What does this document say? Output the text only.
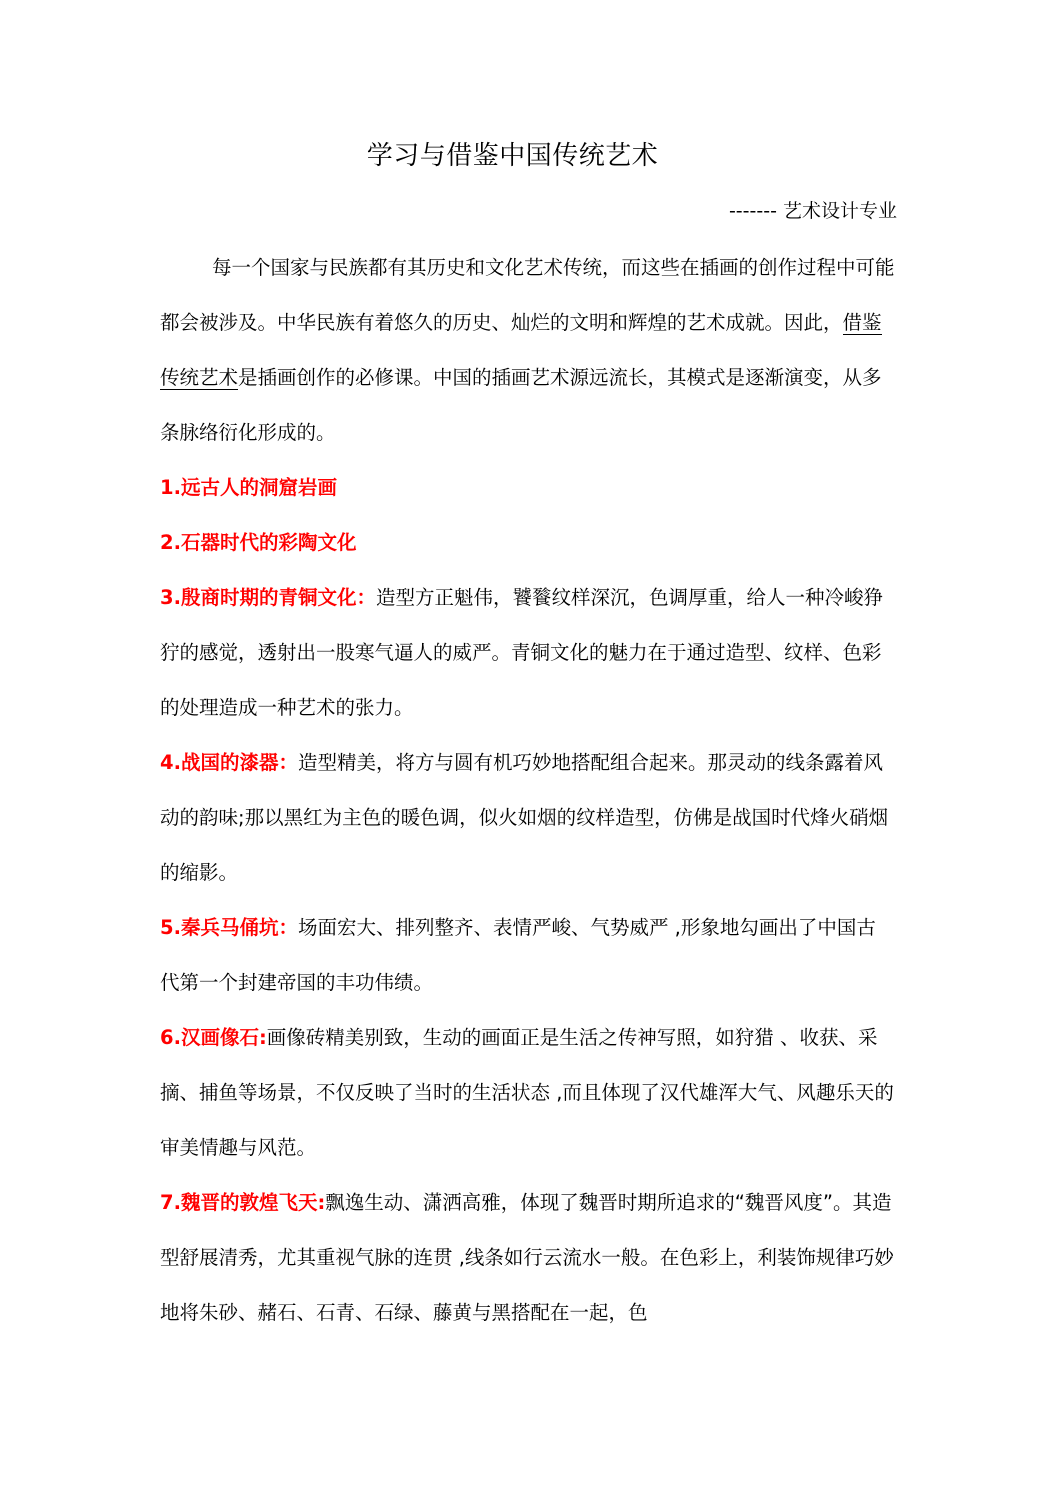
学习与借鉴中国传统艺术
------- 艺术设计专业

每一个国家与民族都有其历史和文化艺术传统，而这些在插画的创作过程中可能都会被涉及。中华民族有着悠久的历史、灿烂的文明和辉煌的艺术成就。因此，借鉴传统艺术是插画创作的必修课。中国的插画艺术源远流长，其模式是逐渐演变，从多条脉络衍化形成的。

1.远古人的洞窟岩画

2.石器时代的彩陶文化

3.殷商时期的青铜文化：造型方正魁伟，饕餮纹样深沉，色调厚重，给人一种冷峻狰狞的感觉，透射出一股寒气逼人的威严。青铜文化的魅力在于通过造型、纹样、色彩的处理造成一种艺术的张力。

4.战国的漆器：造型精美，将方与圆有机巧妙地搭配组合起来。那灵动的线条露着风动的韵味;那以黑红为主色的暖色调，似火如烟的纹样造型，仿佛是战国时代烽火硝烟的缩影。

5.秦兵马俑坑：场面宏大、排列整齐、表情严峻、气势威严 ,形象地勾画出了中国古代第一个封建帝国的丰功伟绩。

6.汉画像石:画像砖精美别致，生动的画面正是生活之传神写照，如狩猎 、收获、采摘、捕鱼等场景，不仅反映了当时的生活状态 ,而且体现了汉代雄浑大气、风趣乐天的审美情趣与风范。

7.魏晋的敦煌飞天:飘逸生动、潇洒高雅，体现了魏晋时期所追求的“魏晋风度”。其造型舒展清秀，尤其重视气脉的连贯 ,线条如行云流水一般。在色彩上，利装饰规律巧妙地将朱砂、赭石、石青、石绿、藤黄与黑搭配在一起，色
